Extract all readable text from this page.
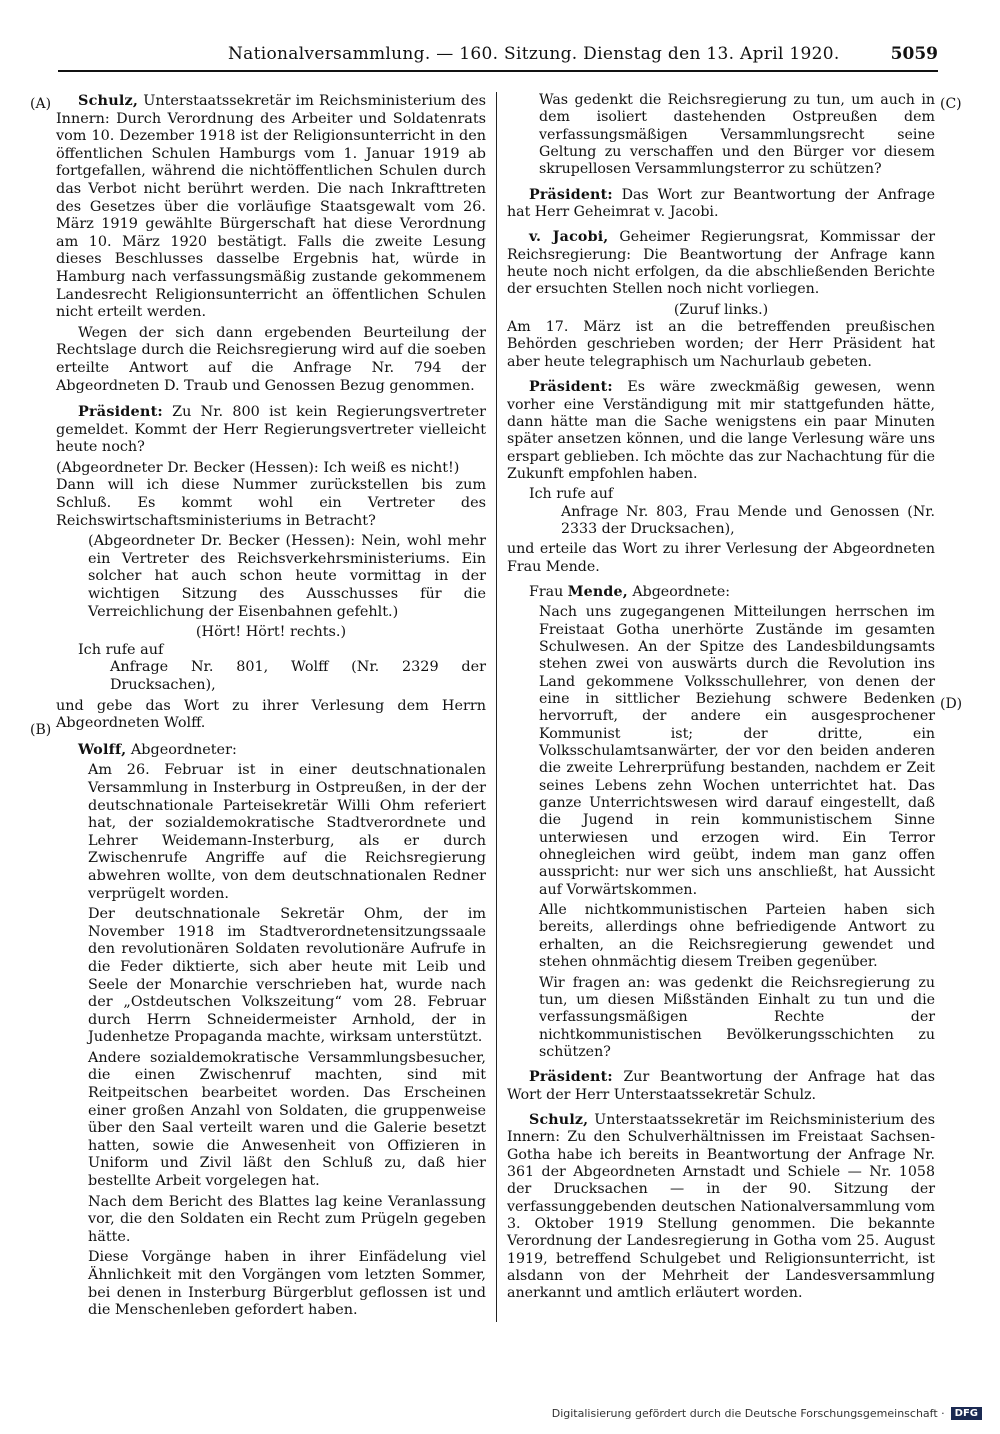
Nationalversammlung. — 160. Sitzung. Dienstag den 13. April 1920.	5059
(A)
(B)
(C)
(D)

Schulz, Unterstaatssekretär im Reichsministerium des Innern: Durch Verordnung des Arbeiter und Soldatenrats vom 10. Dezember 1918 ist der Religionsunterricht in den öffentlichen Schulen Hamburgs vom 1. Januar 1919 ab fortgefallen, während die nichtöffentlichen Schulen durch das Verbot nicht berührt werden. Die nach Inkrafttreten des Gesetzes über die vorläufige Staatsgewalt vom 26. März 1919 gewählte Bürgerschaft hat diese Verordnung am 10. März 1920 bestätigt. Falls die zweite Lesung dieses Beschlusses dasselbe Ergebnis hat, würde in Hamburg nach verfassungsmäßig zustande gekommenem Landesrecht Religionsunterricht an öffentlichen Schulen nicht erteilt werden.

Wegen der sich dann ergebenden Beurteilung der Rechtslage durch die Reichsregierung wird auf die soeben erteilte Antwort auf die Anfrage Nr. 794 der Abgeordneten D. Traub und Genossen Bezug genommen.

Präsident: Zu Nr. 800 ist kein Regierungsvertreter gemeldet. Kommt der Herr Regierungsvertreter vielleicht heute noch?

(Abgeordneter Dr. Becker (Hessen): Ich weiß es nicht!)

Dann will ich diese Nummer zurückstellen bis zum Schluß. Es kommt wohl ein Vertreter des Reichswirtschaftsministeriums in Betracht?

(Abgeordneter Dr. Becker (Hessen): Nein, wohl mehr ein Vertreter des Reichsverkehrsministeriums. Ein solcher hat auch schon heute vormittag in der wichtigen Sitzung des Ausschusses für die Verreichlichung der Eisenbahnen gefehlt.)

(Hört! Hört! rechts.)

Ich rufe auf

Anfrage Nr. 801, Wolff (Nr. 2329 der Drucksachen),

und gebe das Wort zu ihrer Verlesung dem Herrn Abgeordneten Wolff.

Wolff, Abgeordneter:

Am 26. Februar ist in einer deutschnationalen Versammlung in Insterburg in Ostpreußen, in der der deutschnationale Parteisekretär Willi Ohm referiert hat, der sozialdemokratische Stadtverordnete und Lehrer Weidemann-Insterburg, als er durch Zwischenrufe Angriffe auf die Reichsregierung abwehren wollte, von dem deutschnationalen Redner verprügelt worden.

Der deutschnationale Sekretär Ohm, der im November 1918 im Stadtverordnetensitzungssaale den revolutionären Soldaten revolutionäre Aufrufe in die Feder diktierte, sich aber heute mit Leib und Seele der Monarchie verschrieben hat, wurde nach der „Ostdeutschen Volkszeitung“ vom 28. Februar durch Herrn Schneidermeister Arnhold, der in Judenhetze Propaganda machte, wirksam unterstützt.

Andere sozialdemokratische Versammlungsbesucher, die einen Zwischenruf machten, sind mit Reitpeitschen bearbeitet worden. Das Erscheinen einer großen Anzahl von Soldaten, die gruppenweise über den Saal verteilt waren und die Galerie besetzt hatten, sowie die Anwesenheit von Offizieren in Uniform und Zivil läßt den Schluß zu, daß hier bestellte Arbeit vorgelegen hat.

Nach dem Bericht des Blattes lag keine Veranlassung vor, die den Soldaten ein Recht zum Prügeln gegeben hätte.

Diese Vorgänge haben in ihrer Einfädelung viel Ähnlichkeit mit den Vorgängen vom letzten Sommer, bei denen in Insterburg Bürgerblut geflossen ist und die Menschenleben gefordert haben.

Was gedenkt die Reichsregierung zu tun, um auch in dem isoliert dastehenden Ostpreußen dem verfassungsmäßigen Versammlungsrecht seine Geltung zu verschaffen und den Bürger vor diesem skrupellosen Versammlungsterror zu schützen?

Präsident: Das Wort zur Beantwortung der Anfrage hat Herr Geheimrat v. Jacobi.

v. Jacobi, Geheimer Regierungsrat, Kommissar der Reichsregierung: Die Beantwortung der Anfrage kann heute noch nicht erfolgen, da die abschließenden Berichte der ersuchten Stellen noch nicht vorliegen.

(Zuruf links.)

Am 17. März ist an die betreffenden preußischen Behörden geschrieben worden; der Herr Präsident hat aber heute telegraphisch um Nachurlaub gebeten.

Präsident: Es wäre zweckmäßig gewesen, wenn vorher eine Verständigung mit mir stattgefunden hätte, dann hätte man die Sache wenigstens ein paar Minuten später ansetzen können, und die lange Verlesung wäre uns erspart geblieben. Ich möchte das zur Nachachtung für die Zukunft empfohlen haben.

Ich rufe auf

Anfrage Nr. 803, Frau Mende und Genossen (Nr. 2333 der Drucksachen),

und erteile das Wort zu ihrer Verlesung der Abgeordneten Frau Mende.

Frau Mende, Abgeordnete:

Nach uns zugegangenen Mitteilungen herrschen im Freistaat Gotha unerhörte Zustände im gesamten Schulwesen. An der Spitze des Landesbildungsamts stehen zwei von auswärts durch die Revolution ins Land gekommene Volksschullehrer, von denen der eine in sittlicher Beziehung schwere Bedenken hervorruft, der andere ein ausgesprochener Kommunist ist; der dritte, ein Volksschulamtsanwärter, der vor den beiden anderen die zweite Lehrerprüfung bestanden, nachdem er Zeit seines Lebens zehn Wochen unterrichtet hat. Das ganze Unterrichtswesen wird darauf eingestellt, daß die Jugend in rein kommunistischem Sinne unterwiesen und erzogen wird. Ein Terror ohnegleichen wird geübt, indem man ganz offen ausspricht: nur wer sich uns anschließt, hat Aussicht auf Vorwärtskommen.

Alle nichtkommunistischen Parteien haben sich bereits, allerdings ohne befriedigende Antwort zu erhalten, an die Reichsregierung gewendet und stehen ohnmächtig diesem Treiben gegenüber.

Wir fragen an: was gedenkt die Reichsregierung zu tun, um diesen Mißständen Einhalt zu tun und die verfassungsmäßigen Rechte der nichtkommunistischen Bevölkerungsschichten zu schützen?

Präsident: Zur Beantwortung der Anfrage hat das Wort der Herr Unterstaatssekretär Schulz.

Schulz, Unterstaatssekretär im Reichsministerium des Innern: Zu den Schulverhältnissen im Freistaat Sachsen-Gotha habe ich bereits in Beantwortung der Anfrage Nr. 361 der Abgeordneten Arnstadt und Schiele — Nr. 1058 der Drucksachen — in der 90. Sitzung der verfassunggebenden deutschen Nationalversammlung vom 3. Oktober 1919 Stellung genommen. Die bekannte Verordnung der Landesregierung in Gotha vom 25. August 1919, betreffend Schulgebet und Religionsunterricht, ist alsdann von der Mehrheit der Landesversammlung anerkannt und amtlich erläutert worden.

Digitalisierung gefördert durch die Deutsche Forschungsgemeinschaft ·	DFG
